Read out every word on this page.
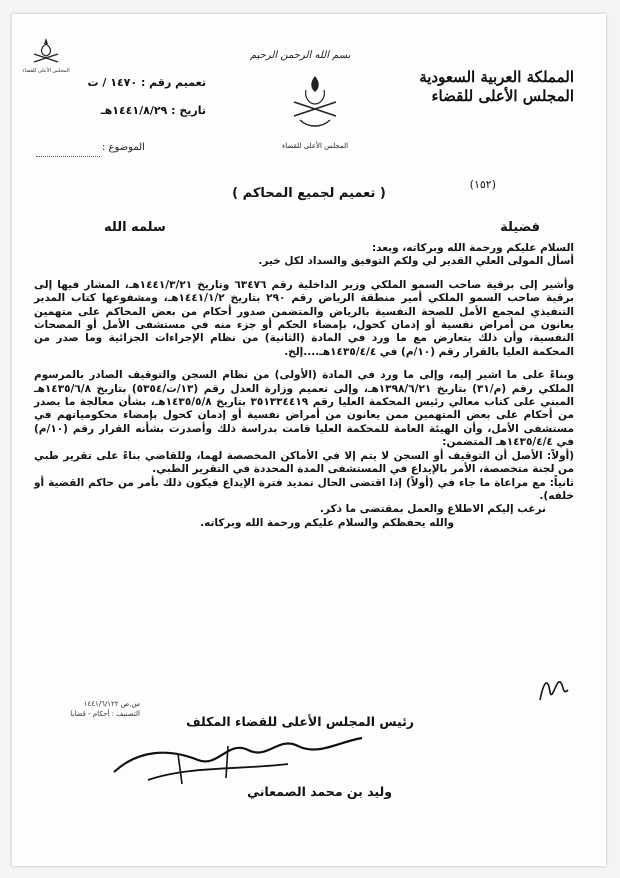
المجلس الأعلى للقضاء
بسم الله الرحمن الرحيم
المجلس الأعلى للقضاء
المملكة العربية السعودية
المجلس الأعلى للقضاء
(١٥٢)
تعميم رقم : ١٤٧٠ / ت
تاريخ : ١٤٤١/٨/٢٩هـ
الموضوع :
( تعميم لجميع المحاكم )
فضيلة
سلمه الله

السلام عليكم ورحمة الله وبركاته، وبعد:

أسأل المولى العلي القدير لي ولكم التوفيق والسداد لكل خير.

وأشير إلى برقية صاحب السمو الملكي وزير الداخلية رقم ٦٣٤٧٦ وتاريخ ١٤٤١/٣/٢١هـ، المشار فيها إلى برقية صاحب السمو الملكي أمير منطقة الرياض رقم ٢٩٠ بتاريخ ١٤٤١/١/٢هـ، ومشفوعها كتاب المدير التنفيذي لمجمع الأمل للصحة النفسية بالرياض والمتضمن صدور أحكام من بعض المحاكم على متهمين يعانون من أمراض نفسية أو إدمان كحول، بإمضاء الحكم أو جزء منه في مستشفى الأمل أو المصحات النفسية، وأن ذلك يتعارض مع ما ورد في المادة (الثانية) من نظام الإجراءات الجزائية وما صدر من المحكمة العليا بالقرار رقم (١٠/م) في ١٤٣٥/٤/٤هـ....إلخ.

وبناءً على ما اشير إليه، وإلى ما ورد في المادة (الأولى) من نظام السجن والتوقيف الصادر بالمرسوم الملكي رقم (م/٣١) بتاريخ ١٣٩٨/٦/٢١هـ، وإلى تعميم وزارة العدل رقم (١٣/ت/٥٣٥٤) بتاريخ ١٤٣٥/٦/٨هـ المبني على كتاب معالي رئيس المحكمة العليا رقم ٣٥١٣٣٤٤١٩ بتاريخ ١٤٣٥/٥/٨هـ، بشأن معالجة ما يصدر من أحكام على بعض المتهمين ممن يعانون من أمراض نفسية أو إدمان كحول بإمضاء محكومياتهم في مستشفى الأمل، وأن الهيئة العامة للمحكمة العليا قامت بدراسة ذلك وأصدرت بشأنه القرار رقم (١٠/م) في ١٤٣٥/٤/٤هـ المتضمن:

(أولاً: الأصل أن التوقيف أو السجن لا يتم إلا في الأماكن المخصصة لهما، وللقاضي بناءً على تقرير طبي من لجنة متخصصة، الأمر بالإيداع في المستشفى المدة المحددة في التقرير الطبي.

ثانياً: مع مراعاة ما جاء في (أولاً) إذا اقتضى الحال تمديد فترة الإيداع فيكون ذلك بأمر من حاكم القضية أو خلفه).

نرغب إليكم الاطلاع والعمل بمقتضى ما ذكر.

والله يحفظكم والسلام عليكم ورحمة الله وبركاته.

س.ص ١٤٤١/٦/١٢٢
التصنيف : أحكام - قضايا	رئيس المجلس الأعلى للقضاء المكلف
وليد بن محمد الصمعاني
